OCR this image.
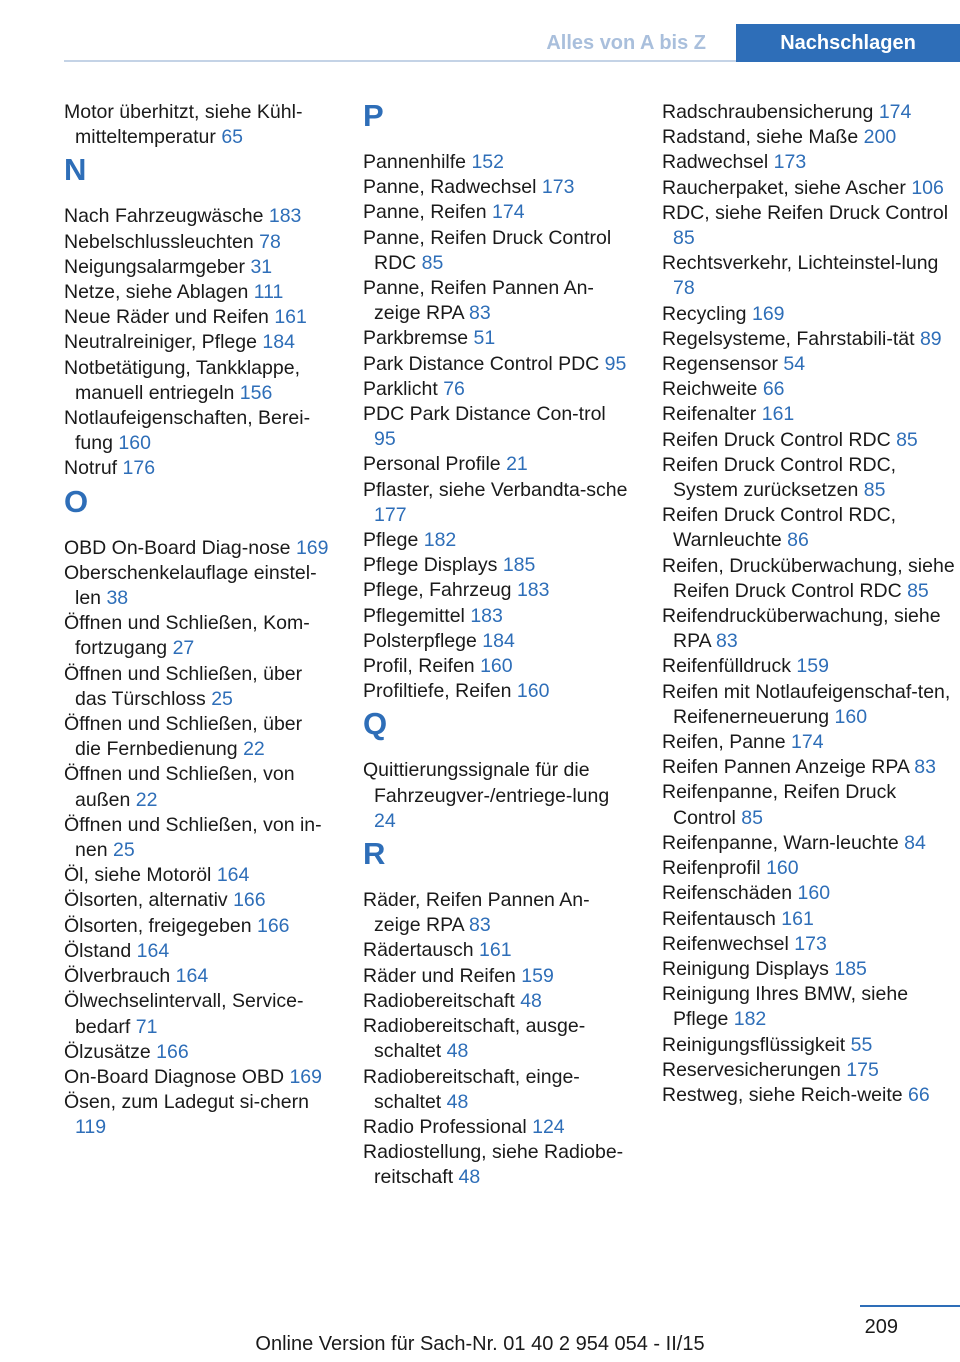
Alles von A bis Z	Nachschlagen
Motor überhitzt, siehe Kühl‐mitteltemperatur 65
N
Nach Fahrzeugwäsche 183
Nebelschlussleuchten 78
Neigungsalarmgeber 31
Netze, siehe Ablagen 111
Neue Räder und Reifen 161
Neutralreiniger, Pflege 184
Notbetätigung, Tankklappe, manuell entriegeln 156
Notlaufeigenschaften, Berei‐fung 160
Notruf 176
O
OBD On-Board Diag‐nose 169
Oberschenkelauflage einstel‐len 38
Öffnen und Schließen, Kom‐fortzugang 27
Öffnen und Schließen, über das Türschloss 25
Öffnen und Schließen, über die Fernbedienung 22
Öffnen und Schließen, von außen 22
Öffnen und Schließen, von in‐nen 25
Öl, siehe Motoröl 164
Ölsorten, alternativ 166
Ölsorten, freigegeben 166
Ölstand 164
Ölverbrauch 164
Ölwechselintervall, Service‐bedarf 71
Ölzusätze 166
On-Board Diagnose OBD 169
Ösen, zum Ladegut si‐chern 119
P
Pannenhilfe 152
Panne, Radwechsel 173
Panne, Reifen 174
Panne, Reifen Druck Control RDC 85
Panne, Reifen Pannen An‐zeige RPA 83
Parkbremse 51
Park Distance Control PDC 95
Parklicht 76
PDC Park Distance Con‐trol 95
Personal Profile 21
Pflaster, siehe Verbandta‐sche 177
Pflege 182
Pflege Displays 185
Pflege, Fahrzeug 183
Pflegemittel 183
Polsterpflege 184
Profil, Reifen 160
Profiltiefe, Reifen 160
Q
Quittierungssignale für die Fahrzeugver-/entriege‐lung 24
R
Räder, Reifen Pannen An‐zeige RPA 83
Rädertausch 161
Räder und Reifen 159
Radiobereitschaft 48
Radiobereitschaft, ausge‐schaltet 48
Radiobereitschaft, einge‐schaltet 48
Radio Professional 124
Radiostellung, siehe Radiobe‐reitschaft 48
Radschraubensicherung 174
Radstand, siehe Maße 200
Radwechsel 173
Raucherpaket, siehe Ascher 106
RDC, siehe Reifen Druck Control 85
Rechtsverkehr, Lichteinstel‐lung 78
Recycling 169
Regelsysteme, Fahrstabili‐tät 89
Regensensor 54
Reichweite 66
Reifenalter 161
Reifen Druck Control RDC 85
Reifen Druck Control RDC, System zurücksetzen 85
Reifen Druck Control RDC, Warnleuchte 86
Reifen, Drucküberwachung, siehe Reifen Druck Control RDC 85
Reifendrucküberwachung, siehe RPA 83
Reifenfülldruck 159
Reifen mit Notlaufeigenschaf‐ten, Reifenerneuerung 160
Reifen, Panne 174
Reifen Pannen Anzeige RPA 83
Reifenpanne, Reifen Druck Control 85
Reifenpanne, Warn‐leuchte 84
Reifenprofil 160
Reifenschäden 160
Reifentausch 161
Reifenwechsel 173
Reinigung Displays 185
Reinigung Ihres BMW, siehe Pflege 182
Reinigungsflüssigkeit 55
Reservesicherungen 175
Restweg, siehe Reich‐weite 66
209
Online Version für Sach-Nr. 01 40 2 954 054 - II/15
